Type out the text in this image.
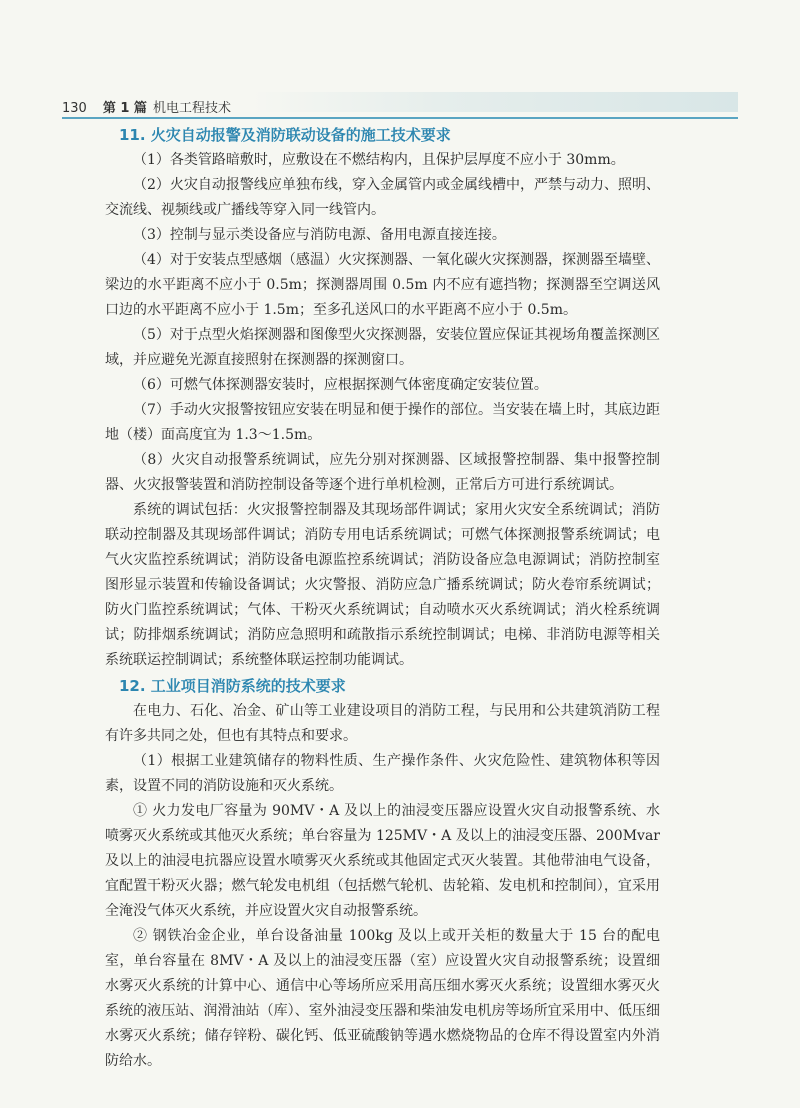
130 第 1 篇 机电工程技术
11. 火灾自动报警及消防联动设备的施工技术要求

（1）各类管路暗敷时，应敷设在不燃结构内，且保护层厚度不应小于 30mm。

（2）火灾自动报警线应单独布线，穿入金属管内或金属线槽中，严禁与动力、照明、交流线、视频线或广播线等穿入同一线管内。

（3）控制与显示类设备应与消防电源、备用电源直接连接。

（4）对于安装点型感烟（感温）火灾探测器、一氧化碳火灾探测器，探测器至墙壁、梁边的水平距离不应小于 0.5m；探测器周围 0.5m 内不应有遮挡物；探测器至空调送风口边的水平距离不应小于 1.5m；至多孔送风口的水平距离不应小于 0.5m。

（5）对于点型火焰探测器和图像型火灾探测器，安装位置应保证其视场角覆盖探测区域，并应避免光源直接照射在探测器的探测窗口。

（6）可燃气体探测器安装时，应根据探测气体密度确定安装位置。

（7）手动火灾报警按钮应安装在明显和便于操作的部位。当安装在墙上时，其底边距地（楼）面高度宜为 1.3～1.5m。

（8）火灾自动报警系统调试，应先分别对探测器、区域报警控制器、集中报警控制器、火灾报警装置和消防控制设备等逐个进行单机检测，正常后方可进行系统调试。

系统的调试包括：火灾报警控制器及其现场部件调试；家用火灾安全系统调试；消防联动控制器及其现场部件调试；消防专用电话系统调试；可燃气体探测报警系统调试；电气火灾监控系统调试；消防设备电源监控系统调试；消防设备应急电源调试；消防控制室图形显示装置和传输设备调试；火灾警报、消防应急广播系统调试；防火卷帘系统调试；防火门监控系统调试；气体、干粉灭火系统调试；自动喷水灭火系统调试；消火栓系统调试；防排烟系统调试；消防应急照明和疏散指示系统控制调试；电梯、非消防电源等相关系统联运控制调试；系统整体联运控制功能调试。

12. 工业项目消防系统的技术要求

在电力、石化、冶金、矿山等工业建设项目的消防工程，与民用和公共建筑消防工程有许多共同之处，但也有其特点和要求。

（1）根据工业建筑储存的物料性质、生产操作条件、火灾危险性、建筑物体积等因素，设置不同的消防设施和灭火系统。

① 火力发电厂容量为 90MV・A 及以上的油浸变压器应设置火灾自动报警系统、水喷雾灭火系统或其他灭火系统；单台容量为 125MV・A 及以上的油浸变压器、200Mvar 及以上的油浸电抗器应设置水喷雾灭火系统或其他固定式灭火装置。其他带油电气设备，宜配置干粉灭火器；燃气轮发电机组（包括燃气轮机、齿轮箱、发电机和控制间），宜采用全淹没气体灭火系统，并应设置火灾自动报警系统。

② 钢铁冶金企业，单台设备油量 100kg 及以上或开关柜的数量大于 15 台的配电室，单台容量在 8MV・A 及以上的油浸变压器（室）应设置火灾自动报警系统；设置细水雾灭火系统的计算中心、通信中心等场所应采用高压细水雾灭火系统；设置细水雾灭火系统的液压站、润滑油站（库）、室外油浸变压器和柴油发电机房等场所宜采用中、低压细水雾灭火系统；储存锌粉、碳化钙、低亚硫酸钠等遇水燃烧物品的仓库不得设置室内外消防给水。
